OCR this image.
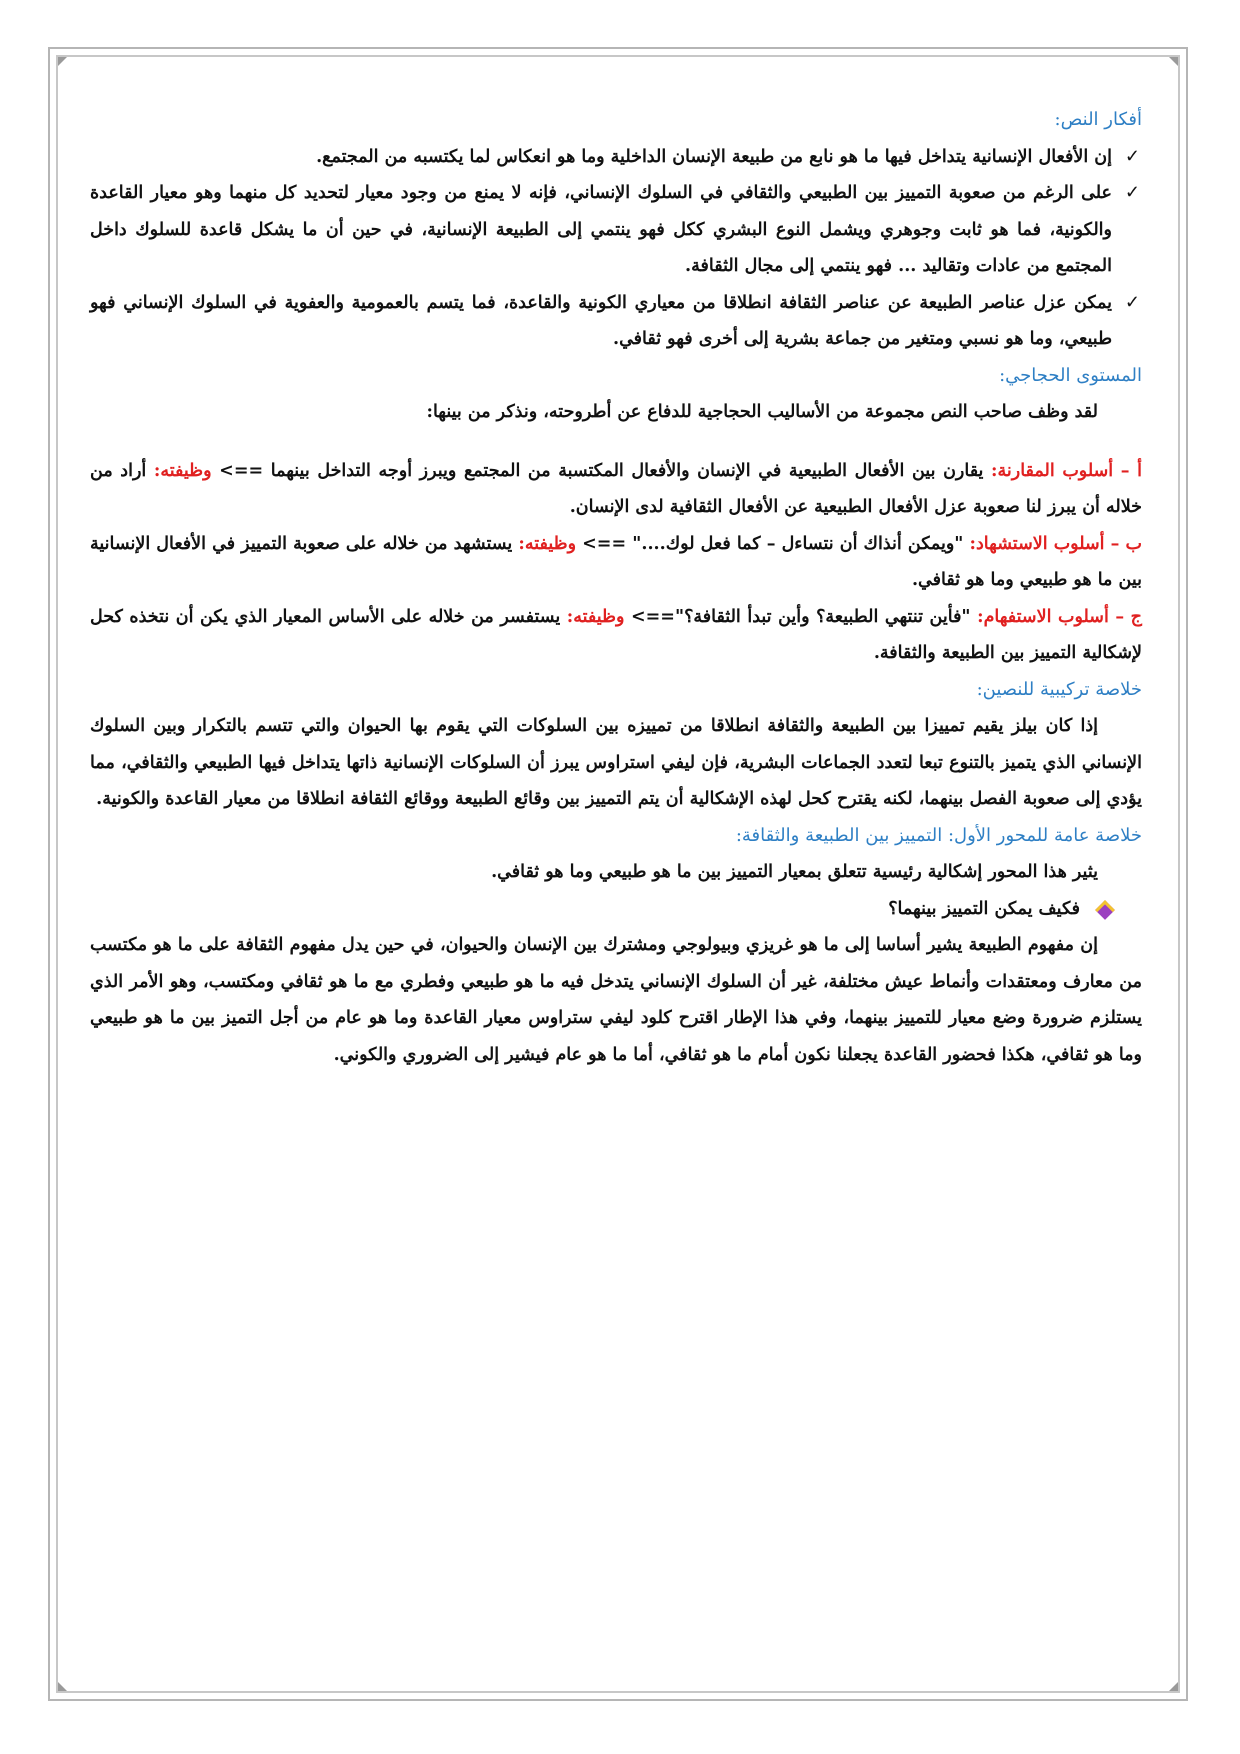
أفكار النص:

✓
إن الأفعال الإنسانية يتداخل فيها ما هو نابع من طبيعة الإنسان الداخلية وما هو انعكاس لما يكتسبه من المجتمع.
✓
على الرغم من صعوبة التمييز بين الطبيعي والثقافي في السلوك الإنساني، فإنه لا يمنع من وجود معيار لتحديد كل منهما وهو معيار القاعدة والكونية، فما هو ثابت وجوهري ويشمل النوع البشري ككل فهو ينتمي إلى الطبيعة الإنسانية، في حين أن ما يشكل قاعدة للسلوك داخل المجتمع من عادات وتقاليد ... فهو ينتمي إلى مجال الثقافة.
✓
يمكن عزل عناصر الطبيعة عن عناصر الثقافة انطلاقا من معياري الكونية والقاعدة، فما يتسم بالعمومية والعفوية في السلوك الإنساني فهو طبيعي، وما هو نسبي ومتغير من جماعة بشرية إلى أخرى فهو ثقافي.

المستوى الحجاجي:

لقد وظف صاحب النص مجموعة من الأساليب الحجاجية للدفاع عن أطروحته، ونذكر من بينها:

أ – أسلوب المقارنة: يقارن بين الأفعال الطبيعية في الإنسان والأفعال المكتسبة من المجتمع ويبرز أوجه التداخل بينهما ==> وظيفته: أراد من خلاله أن يبرز لنا صعوبة عزل الأفعال الطبيعية عن الأفعال الثقافية لدى الإنسان.

ب – أسلوب الاستشهاد: "ويمكن أنذاك أن نتساءل – كما فعل لوك...." ==> وظيفته: يستشهد من خلاله على صعوبة التمييز في الأفعال الإنسانية بين ما هو طبيعي وما هو ثقافي.

ج – أسلوب الاستفهام: "فأين تنتهي الطبيعة؟ وأين تبدأ الثقافة؟"==> وظيفته: يستفسر من خلاله على الأساس المعيار الذي يكن أن نتخذه كحل لإشكالية التمييز بين الطبيعة والثقافة.

خلاصة تركيبية للنصين:

إذا كان بيلز يقيم تمييزا بين الطبيعة والثقافة انطلاقا من تمييزه بين السلوكات التي يقوم بها الحيوان والتي تتسم بالتكرار وبين السلوك الإنساني الذي يتميز بالتنوع تبعا لتعدد الجماعات البشرية، فإن ليفي استراوس يبرز أن السلوكات الإنسانية ذاتها يتداخل فيها الطبيعي والثقافي، مما يؤدي إلى صعوبة الفصل بينهما، لكنه يقترح كحل لهذه الإشكالية أن يتم التمييز بين وقائع الطبيعة ووقائع الثقافة انطلاقا من معيار القاعدة والكونية.

خلاصة عامة للمحور الأول: التمييز بين الطبيعة والثقافة:

يثير هذا المحور إشكالية رئيسية تتعلق بمعيار التمييز بين ما هو طبيعي وما هو ثقافي.

فكيف يمكن التمييز بينهما؟

إن مفهوم الطبيعة يشير أساسا إلى ما هو غريزي وبيولوجي ومشترك بين الإنسان والحيوان، في حين يدل مفهوم الثقافة على ما هو مكتسب من معارف ومعتقدات وأنماط عيش مختلفة، غير أن السلوك الإنساني يتدخل فيه ما هو طبيعي وفطري مع ما هو ثقافي ومكتسب، وهو الأمر الذي يستلزم ضرورة وضع معيار للتمييز بينهما، وفي هذا الإطار اقترح كلود ليفي ستراوس معيار القاعدة وما هو عام من أجل التميز بين ما هو طبيعي وما هو ثقافي، هكذا فحضور القاعدة يجعلنا نكون أمام ما هو ثقافي، أما ما هو عام فيشير إلى الضروري والكوني.
